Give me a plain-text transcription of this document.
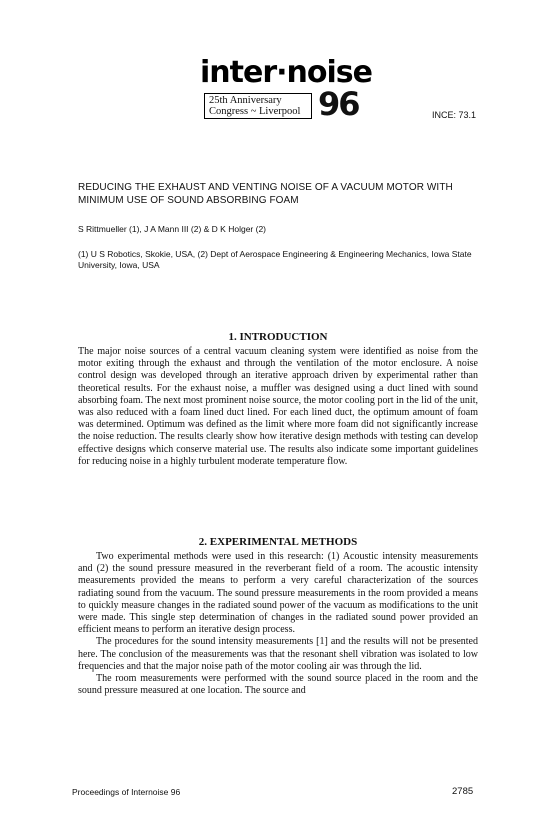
inter·noise
25th Anniversary
Congress ~ Liverpool 96	INCE: 73.1
REDUCING THE EXHAUST AND VENTING NOISE OF A VACUUM MOTOR WITH MINIMUM USE OF SOUND ABSORBING FOAM
S Rittmueller (1), J A Mann III (2) & D K Holger (2)
(1) U S Robotics, Skokie, USA, (2) Dept of Aerospace Engineering & Engineering Mechanics, Iowa State University, Iowa, USA
1. INTRODUCTION
The major noise sources of a central vacuum cleaning system were identified as noise from the motor exiting through the exhaust and through the ventilation of the motor enclosure. A noise control design was developed through an iterative approach driven by experimental rather than theoretical results. For the exhaust noise, a muffler was designed using a duct lined with sound absorbing foam. The next most prominent noise source, the motor cooling port in the lid of the unit, was also reduced with a foam lined duct lined. For each lined duct, the optimum amount of foam was determined. Optimum was defined as the limit where more foam did not significantly increase the noise reduction. The results clearly show how iterative design methods with testing can develop effective designs which conserve material use. The results also indicate some important guidelines for reducing noise in a highly turbulent moderate temperature flow.
2. EXPERIMENTAL METHODS

Two experimental methods were used in this research: (1) Acoustic intensity measurements and (2) the sound pressure measured in the reverberant field of a room. The acoustic intensity measurements provided the means to perform a very careful characterization of the sources radiating sound from the vacuum. The sound pressure measurements in the room provided a means to quickly measure changes in the radiated sound power of the vacuum as modifications to the unit were made. This single step determination of changes in the radiated sound power provided an efficient means to perform an iterative design process.

The procedures for the sound intensity measurements [1] and the results will not be presented here. The conclusion of the measurements was that the resonant shell vibration was isolated to low frequencies and that the major noise path of the motor cooling air was through the lid.

The room measurements were performed with the sound source placed in the room and the sound pressure measured at one location. The source and

Proceedings of Internoise 96	2785
